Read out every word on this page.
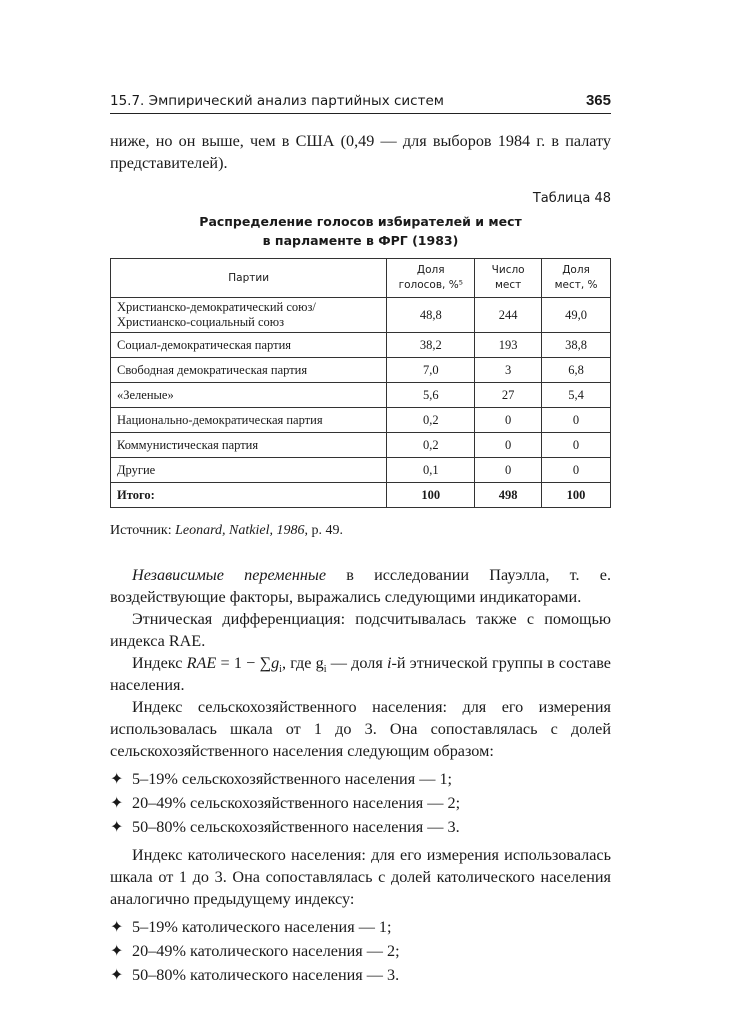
15.7. Эмпирический анализ партийных систем	365
ниже, но он выше, чем в США (0,49 — для выборов 1984 г. в палату представителей).
Таблица 48
Распределение голосов избирателей и мест
в парламенте в ФРГ (1983)
Партии	Доля голосов, %⁵	Число мест	Доля мест, %
Христианско-демократический союз/ Христианско-социальный союз	48,8	244	49,0
Социал-демократическая партия	38,2	193	38,8
Свободная демократическая партия	7,0	3	6,8
«Зеленые»	5,6	27	5,4
Национально-демократическая партия	0,2	0	0
Коммунистическая партия	0,2	0	0
Другие	0,1	0	0
Итого:	100	498	100
Источник: Leonard, Natkiel, 1986, p. 49.
Независимые переменные в исследовании Пауэлла, т. е. воздействующие факторы, выражались следующими индикаторами.
Этническая дифференциация: подсчитывалась также с помощью индекса RAE.
Индекс RAE = $1 - \sum g_i$, где $g_i$ — доля i-й этнической группы в составе населения.
Индекс сельскохозяйственного населения: для его измерения использовалась шкала от 1 до 3. Она сопоставлялась с долей сельскохозяйственного населения следующим образом:
✦ 5–19% сельскохозяйственного населения — 1;
✦ 20–49% сельскохозяйственного населения — 2;
✦ 50–80% сельскохозяйственного населения — 3.
Индекс католического населения: для его измерения использовалась шкала от 1 до 3. Она сопоставлялась с долей католического населения аналогично предыдущему индексу:
✦ 5–19% католического населения — 1;
✦ 20–49% католического населения — 2;
✦ 50–80% католического населения — 3.
